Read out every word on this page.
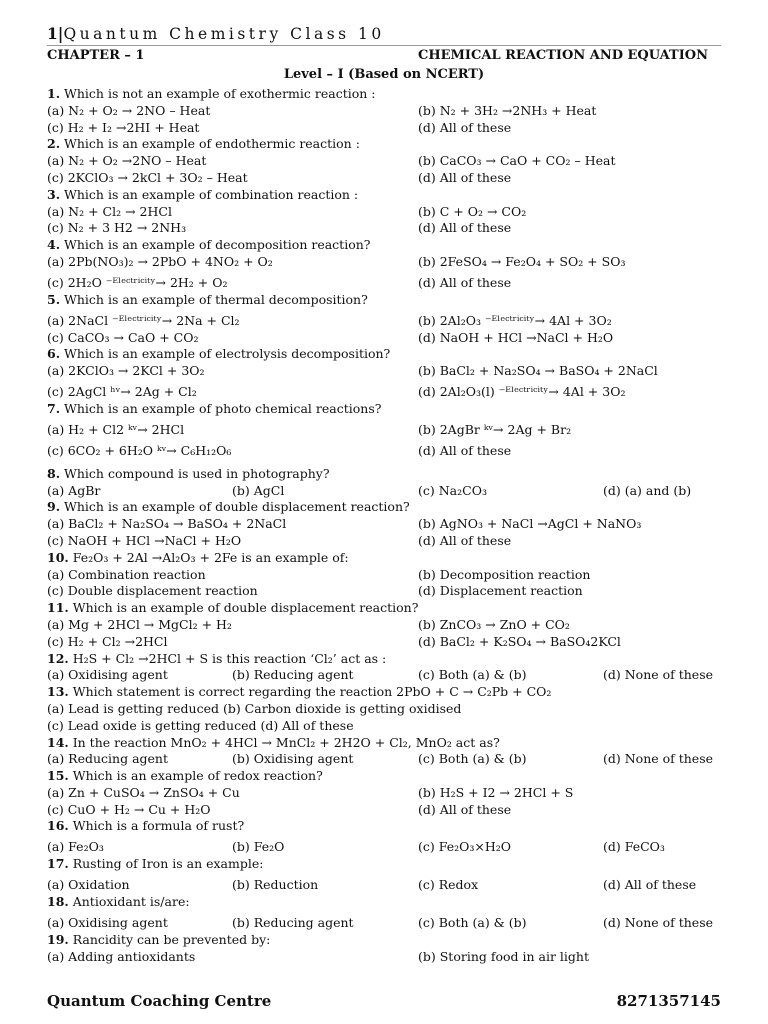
1|Quantum Chemistry Class 10
CHAPTER – 1	CHEMICAL REACTION AND EQUATION
Level – I (Based on NCERT)
1. Which is not an example of exothermic reaction :
(a) N₂ + O₂ → 2NO – Heat	(b) N₂ + 3H₂ →2NH₃ + Heat
(c) H₂ + I₂ →2HI + Heat	(d) All of these
2. Which is an example of endothermic reaction :
(a) N₂ + O₂ →2NO – Heat	(b) CaCO₃ → CaO + CO₂ – Heat
(c) 2KClO₃ → 2kCl + 3O₂ – Heat	(d) All of these
3. Which is an example of combination reaction :
(a) N₂ + Cl₂ → 2HCl	(b) C + O₂ → CO₂
(c) N₂ + 3 H2 → 2NH₃	(d) All of these
4. Which is an example of decomposition reaction?
(a) 2Pb(NO₃)₂ → 2PbO + 4NO₂ + O₂	(b) 2FeSO₄ → Fe₂O₄ + SO₂ + SO₃
(c) 2H₂O ⁻ᴱˡᵉᶜᵗʳⁱᶜⁱᵗʸ→ 2H₂ + O₂	(d) All of these
5. Which is an example of thermal decomposition?
(a) 2NaCl ⁻ᴱˡᵉᶜᵗʳⁱᶜⁱᵗʸ→ 2Na + Cl₂	(b) 2Al₂O₃ ⁻ᴱˡᵉᶜᵗʳⁱᶜⁱᵗʸ→ 4Al + 3O₂
(c) CaCO₃ → CaO + CO₂	(d) NaOH + HCl →NaCl + H₂O
6. Which is an example of electrolysis decomposition?
(a) 2KClO₃ → 2KCl + 3O₂	(b) BaCl₂ + Na₂SO₄ → BaSO₄ + 2NaCl
(c) 2AgCl ʰᵛ→ 2Ag + Cl₂	(d) 2Al₂O₃(l) ⁻ᴱˡᵉᶜᵗʳⁱᶜⁱᵗʸ→ 4Al + 3O₂
7. Which is an example of photo chemical reactions?
(a) H₂ + Cl2 ᵏᵛ→ 2HCl	(b) 2AgBr ᵏᵛ→ 2Ag + Br₂
(c) 6CO₂ + 6H₂O ᵏᵛ→ C₆H₁₂O₆	(d) All of these
8. Which compound is used in photography?
(a) AgBr	(b) AgCl	(c) Na₂CO₃	(d) (a) and (b)
9. Which is an example of double displacement reaction?
(a) BaCl₂ + Na₂SO₄ → BaSO₄ + 2NaCl	(b) AgNO₃ + NaCl →AgCl + NaNO₃
(c) NaOH + HCl →NaCl + H₂O	(d) All of these
10. Fe₂O₃ + 2Al →Al₂O₃ + 2Fe is an example of:
(a) Combination reaction	(b) Decomposition reaction
(c) Double displacement reaction	(d) Displacement reaction
11. Which is an example of double displacement reaction?
(a) Mg + 2HCl → MgCl₂ + H₂	(b) ZnCO₃ → ZnO + CO₂
(c) H₂ + Cl₂ →2HCl	(d) BaCl₂ + K₂SO₄ → BaSO₄2KCl
12. H₂S + Cl₂ →2HCl + S is this reaction ‘Cl₂’ act as :
(a) Oxidising agent	(b) Reducing agent	(c) Both (a) & (b)	(d) None of these
13. Which statement is correct regarding the reaction 2PbO + C → C₂Pb + CO₂
(a) Lead is getting reduced (b) Carbon dioxide is getting oxidised
(c) Lead oxide is getting reduced (d) All of these
14. In the reaction MnO₂ + 4HCl → MnCl₂ + 2H2O + Cl₂, MnO₂ act as?
(a) Reducing agent	(b) Oxidising agent	(c) Both (a) & (b)	(d) None of these
15. Which is an example of redox reaction?
(a) Zn + CuSO₄ → ZnSO₄ + Cu	(b) H₂S + I2 → 2HCl + S
(c) CuO + H₂ → Cu + H₂O	(d) All of these
16. Which is a formula of rust?
(a) Fe₂O₃	(b) Fe₂O	(c) Fe₂O₃×H₂O	(d) FeCO₃
17. Rusting of Iron is an example:
(a) Oxidation	(b) Reduction	(c) Redox	(d) All of these
18. Antioxidant is/are:
(a) Oxidising agent	(b) Reducing agent	(c) Both (a) & (b)	(d) None of these
19. Rancidity can be prevented by:
(a) Adding antioxidants	(b) Storing food in air light
Quantum Coaching Centre	8271357145
